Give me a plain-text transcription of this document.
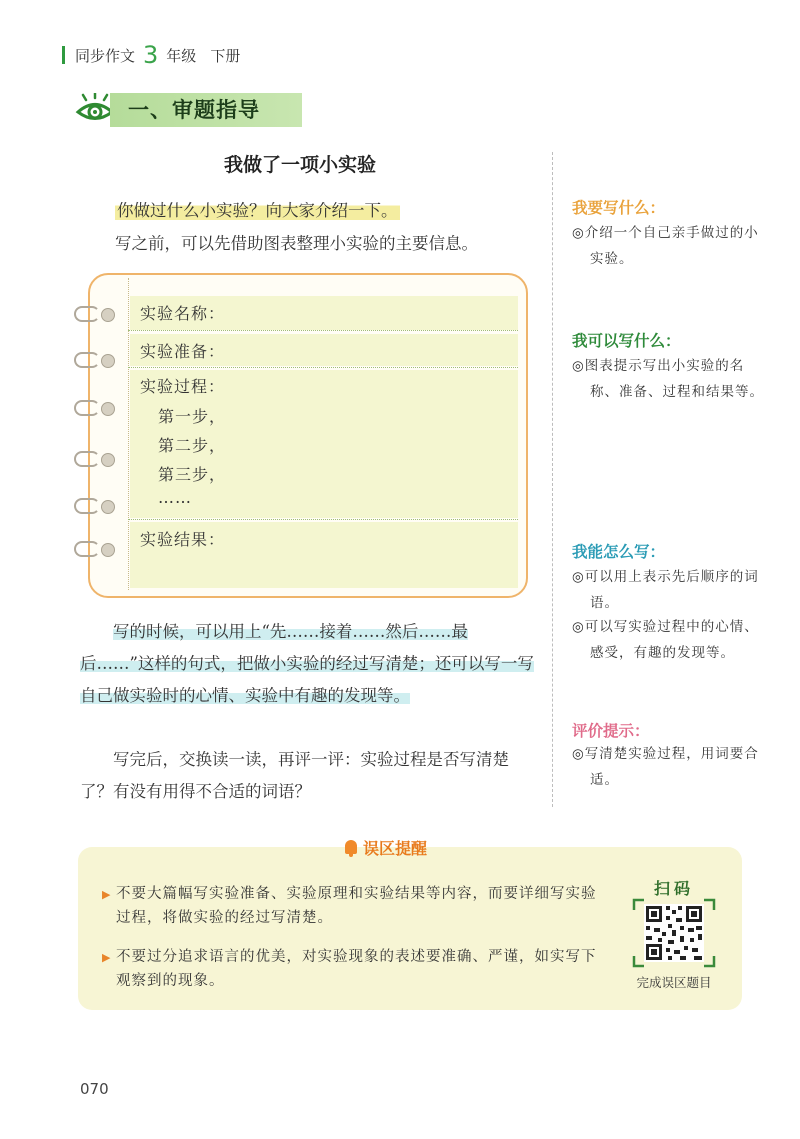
同步作文 3 年级 下册
一、审题指导
我做了一项小实验
你做过什么小实验？向大家介绍一下。
写之前，可以先借助图表整理小实验的主要信息。
实验名称：
实验准备：
实验过程：
第一步，
第二步，
第三步，
……
实验结果：
写的时候，可以用上“先……接着……然后……最后……”这样的句式，把做小实验的经过写清楚；还可以写一写自己做实验时的心情、实验中有趣的发现等。
写完后，交换读一读，再评一评：实验过程是否写清楚了？有没有用得不合适的词语？
我要写什么：
◎介绍一个自己亲手做过的小实验。
我可以写什么：
◎图表提示写出小实验的名称、准备、过程和结果等。
我能怎么写：
◎可以用上表示先后顺序的词语。
◎可以写实验过程中的心情、感受，有趣的发现等。
评价提示：
◎写清楚实验过程，用词要合适。
误区提醒
▶ 不要大篇幅写实验准备、实验原理和实验结果等内容，而要详细写实验过程，将做实验的经过写清楚。
▶ 不要过分追求语言的优美，对实验现象的表述要准确、严谨，如实写下观察到的现象。
扫码
完成误区题目
070
